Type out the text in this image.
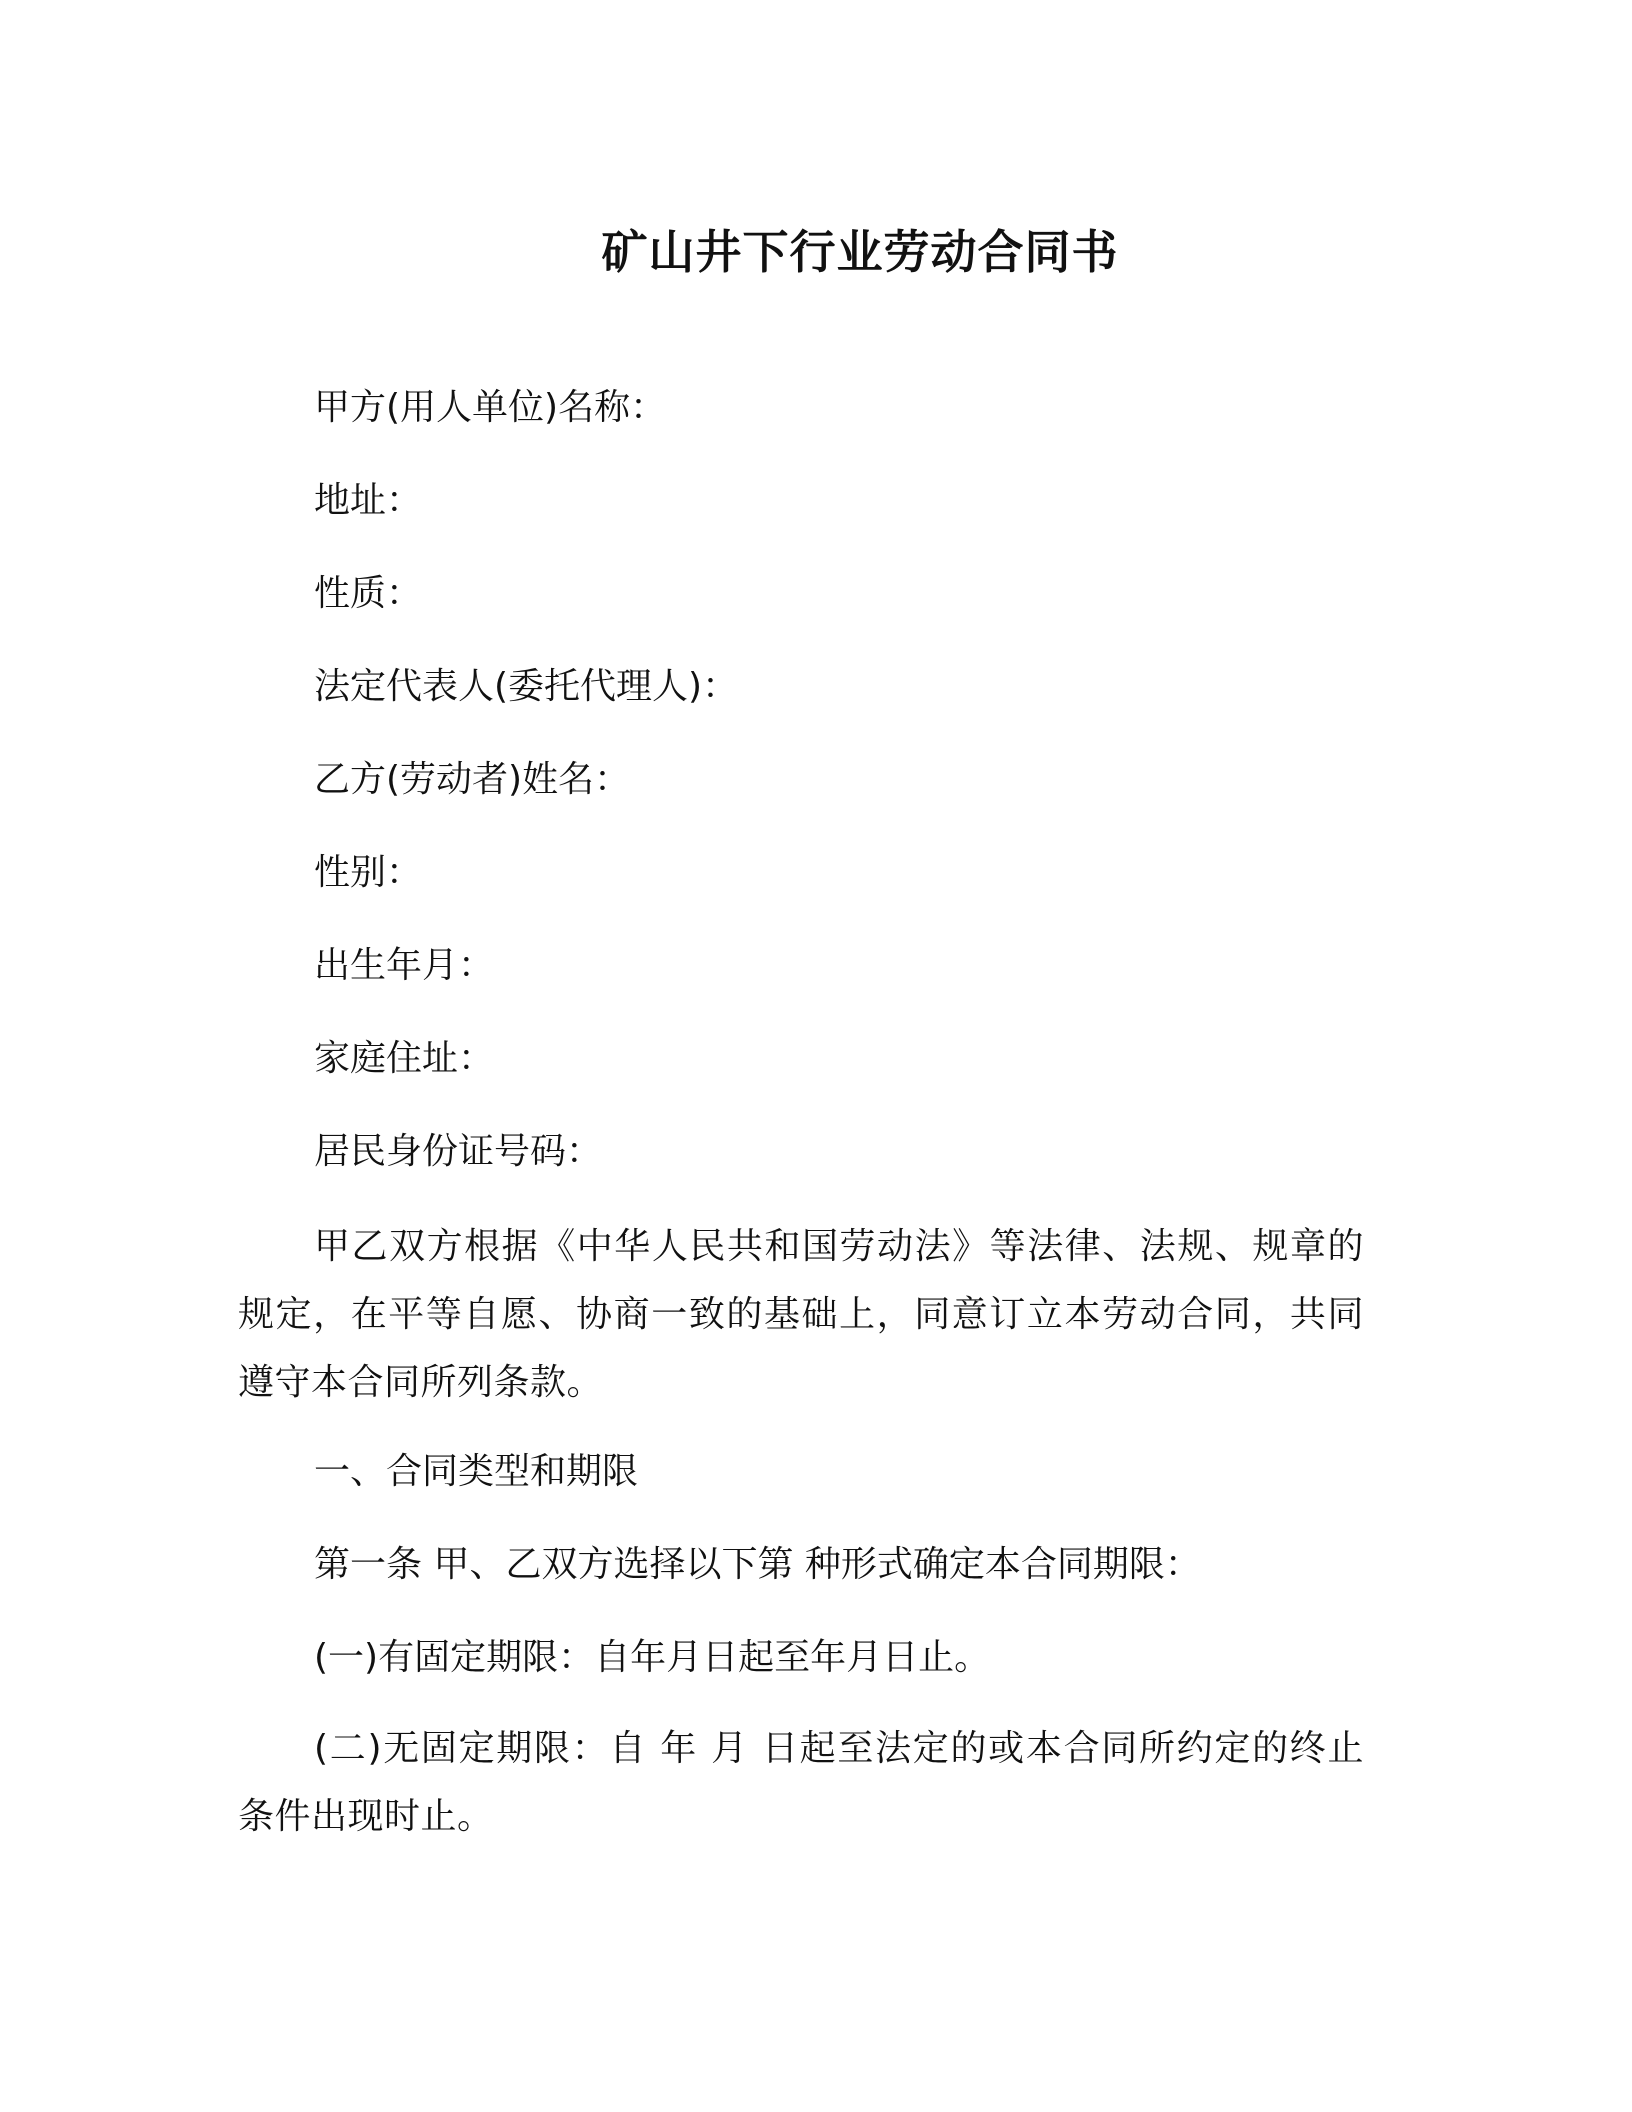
矿山井下行业劳动合同书
甲方(用人单位)名称：
地址：
性质：
法定代表人(委托代理人)：
乙方(劳动者)姓名：
性别：
出生年月：
家庭住址：
居民身份证号码：
甲乙双方根据《中华人民共和国劳动法》等法律、法规、规章的规定，在平等自愿、协商一致的基础上，同意订立本劳动合同，共同遵守本合同所列条款。
一、合同类型和期限
第一条 甲、乙双方选择以下第 种形式确定本合同期限：
(一)有固定期限：自年月日起至年月日止。
(二)无固定期限：自 年 月 日起至法定的或本合同所约定的终止条件出现时止。
